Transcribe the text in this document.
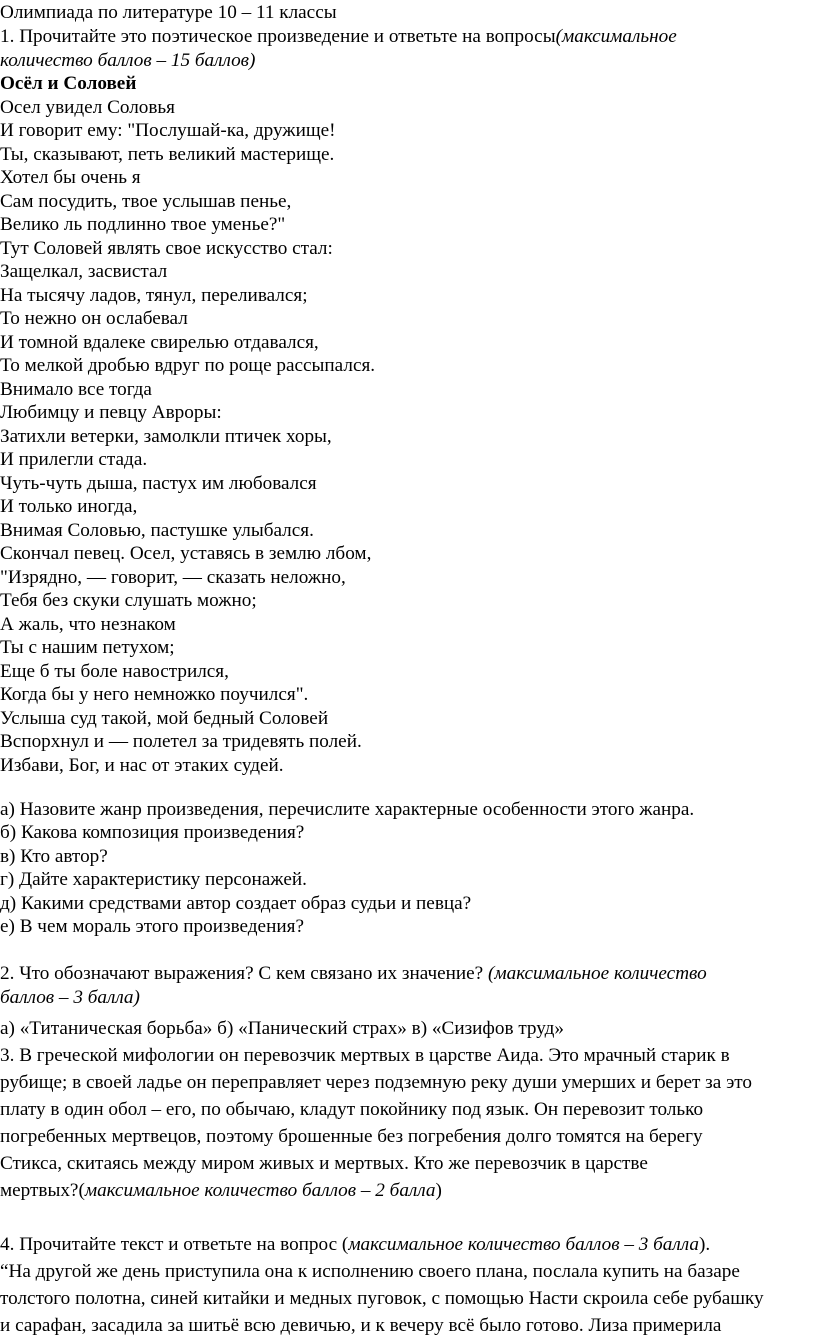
Олимпиада по литературе 10 – 11 классы
1. Прочитайте это поэтическое произведение и ответьте на вопросы(максимальное
количество баллов – 15 баллов)
Осёл и Соловей
Осел увидел Соловья
И говорит ему: "Послушай-ка, дружище!
Ты, сказывают, петь великий мастерище.
Хотел бы очень я
Сам посудить, твое услышав пенье,
Велико ль подлинно твое уменье?"
Тут Соловей являть свое искусство стал:
Защелкал, засвистал
На тысячу ладов, тянул, переливался;
То нежно он ослабевал
И томной вдалеке свирелью отдавался,
То мелкой дробью вдруг по роще рассыпался.
Внимало все тогда
Любимцу и певцу Авроры:
Затихли ветерки, замолкли птичек хоры,
И прилегли стада.
Чуть-чуть дыша, пастух им любовался
И только иногда,
Внимая Соловью, пастушке улыбался.
Скончал певец. Осел, уставясь в землю лбом,
"Изрядно, — говорит, — сказать неложно,
Тебя без скуки слушать можно;
А жаль, что незнаком
Ты с нашим петухом;
Еще б ты боле навострился,
Когда бы у него немножко поучился".
Услыша суд такой, мой бедный Соловей
Вспорхнул и — полетел за тридевять полей.
Избави, Бог, и нас от этаких судей.
а) Назовите жанр произведения, перечислите характерные особенности этого жанра.
б) Какова композиция произведения?
в) Кто автор?
г) Дайте характеристику персонажей.
д) Какими средствами автор создает образ судьи и певца?
е) В чем мораль этого произведения?
2. Что обозначают выражения? С кем связано их значение? (максимальное количество
баллов – 3 балла)
а) «Титаническая борьба» б) «Панический страх» в) «Сизифов труд»
3. В греческой мифологии он перевозчик мертвых в царстве Аида. Это мрачный старик в
рубище; в своей ладье он переправляет через подземную реку души умерших и берет за это
плату в один обол – его, по обычаю, кладут покойнику под язык. Он перевозит только
погребенных мертвецов, поэтому брошенные без погребения долго томятся на берегу
Стикса, скитаясь между миром живых и мертвых. Кто же перевозчик в царстве
мертвых?(максимальное количество баллов – 2 балла)
4. Прочитайте текст и ответьте на вопрос (максимальное количество баллов – 3 балла).
“На другой же день приступила она к исполнению своего плана, послала купить на базаре
толстого полотна, синей китайки и медных пуговок, с помощью Насти скроила себе рубашку
и сарафан, засадила за шитьё всю девичью, и к вечеру всё было готово. Лиза примерила
